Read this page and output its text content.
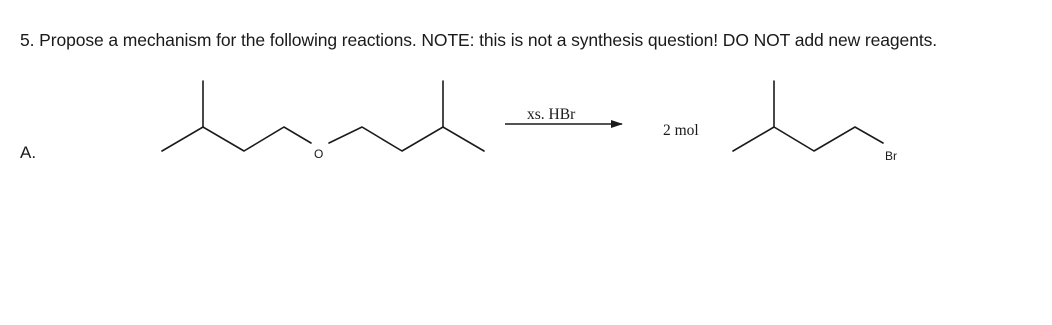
5. Propose a mechanism for the following reactions. NOTE: this is not a synthesis question! DO NOT add new reagents.
A.	O
xs. HBr
2 mol
Br
